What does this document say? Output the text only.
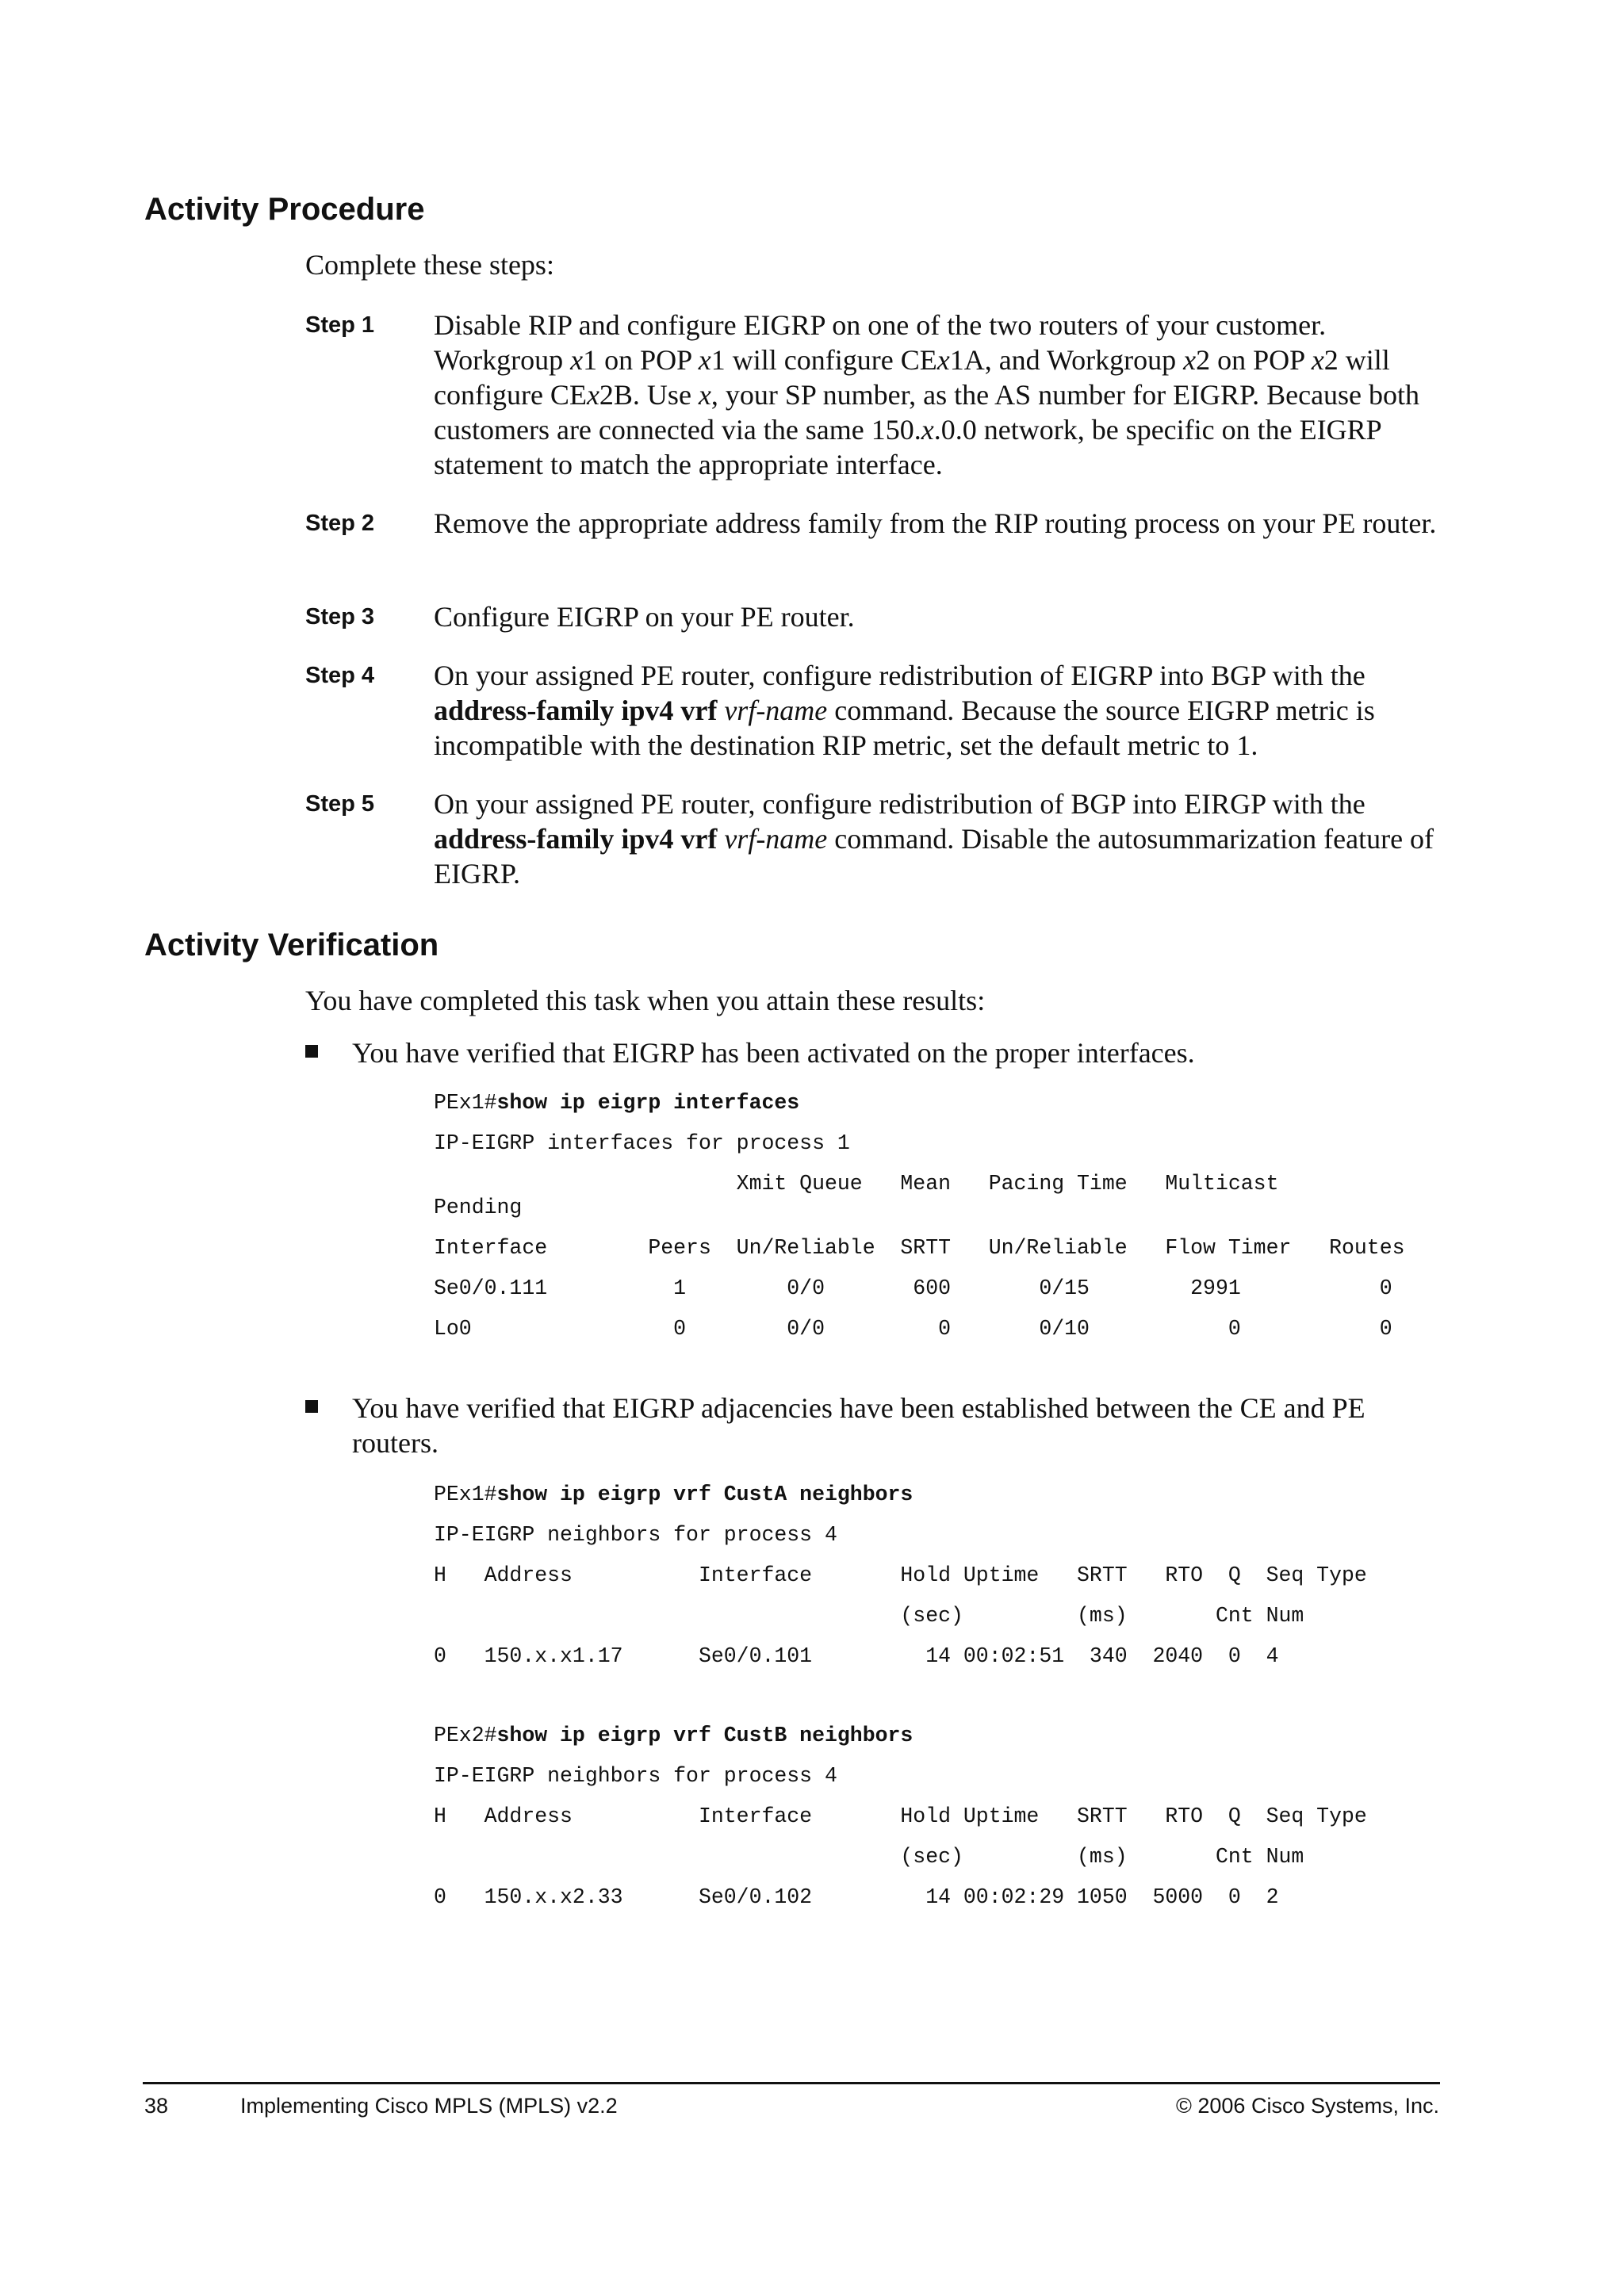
Activity Procedure

Complete these steps:

Step 1 Disable RIP and configure EIGRP on one of the two routers of your customer. Workgroup x1 on POP x1 will configure CEx1A, and Workgroup x2 on POP x2 will configure CEx2B. Use x, your SP number, as the AS number for EIGRP. Because both customers are connected via the same 150.x.0.0 network, be specific on the EIGRP statement to match the appropriate interface.
Step 2 Remove the appropriate address family from the RIP routing process on your PE router.
Step 3 Configure EIGRP on your PE router.
Step 4 On your assigned PE router, configure redistribution of EIGRP into BGP with the address-family ipv4 vrf vrf-name command. Because the source EIGRP metric is incompatible with the destination RIP metric, set the default metric to 1.
Step 5 On your assigned PE router, configure redistribution of BGP into EIRGP with the address-family ipv4 vrf vrf-name command. Disable the autosummarization feature of EIGRP.
Activity Verification

You have completed this task when you attain these results:

You have verified that EIGRP has been activated on the proper interfaces.
PEx1#show ip eigrp interfaces
IP-EIGRP interfaces for process 1
Xmit Queue   Mean   Pacing Time   Multicast
Pending
Interface        Peers  Un/Reliable  SRTT   Un/Reliable   Flow Timer   Routes
Se0/0.111          1        0/0       600       0/15        2991           0
Lo0                0        0/0         0       0/10           0           0
You have verified that EIGRP adjacencies have been established between the CE and PE routers.
PEx1#show ip eigrp vrf CustA neighbors
IP-EIGRP neighbors for process 4
H   Address          Interface       Hold Uptime   SRTT   RTO  Q  Seq Type
(sec)         (ms)       Cnt Num
0   150.x.x1.17      Se0/0.101         14 00:02:51  340  2040  0  4
PEx2#show ip eigrp vrf CustB neighbors
IP-EIGRP neighbors for process 4
H   Address          Interface       Hold Uptime   SRTT   RTO  Q  Seq Type
(sec)         (ms)       Cnt Num
0   150.x.x2.33      Se0/0.102         14 00:02:29 1050  5000  0  2
38	Implementing Cisco MPLS (MPLS) v2.2	© 2006 Cisco Systems, Inc.
